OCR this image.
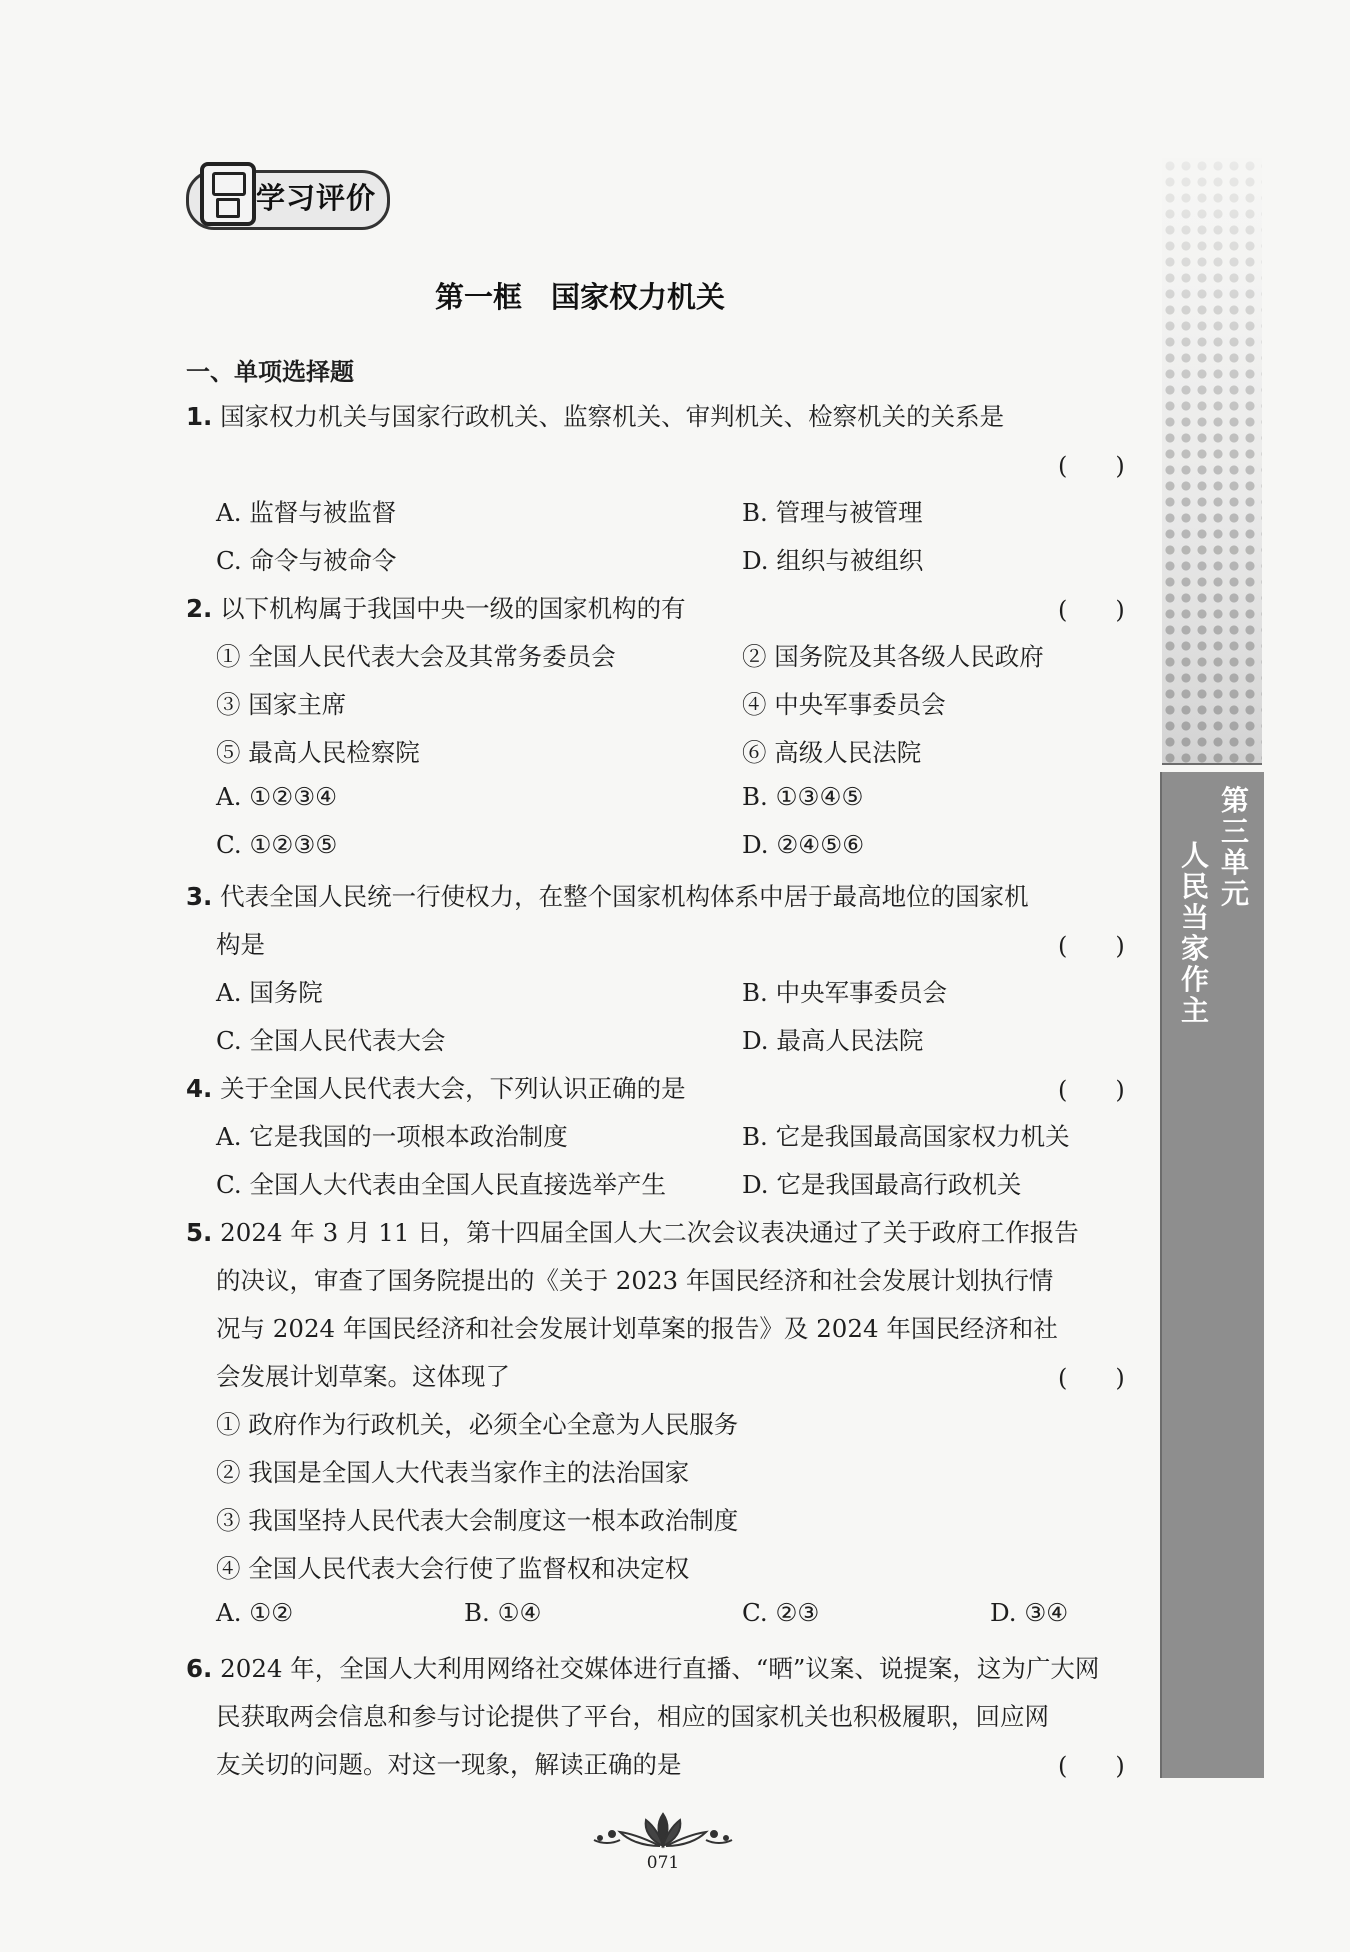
第三单元
人民当家作主
学习评价
第一框　国家权力机关
一、单项选择题
1. 国家权力机关与国家行政机关、监察机关、审判机关、检察机关的关系是
(　　)
A. 监督与被监督	B. 管理与被管理
C. 命令与被命令	D. 组织与被组织
2. 以下机构属于我国中央一级的国家机构的有	(　　)
① 全国人民代表大会及其常务委员会	② 国务院及其各级人民政府
③ 国家主席	④ 中央军事委员会
⑤ 最高人民检察院	⑥ 高级人民法院
A. ①②③④	B. ①③④⑤
C. ①②③⑤	D. ②④⑤⑥
3. 代表全国人民统一行使权力，在整个国家机构体系中居于最高地位的国家机
构是	(　　)
A. 国务院	B. 中央军事委员会
C. 全国人民代表大会	D. 最高人民法院
4. 关于全国人民代表大会，下列认识正确的是	(　　)
A. 它是我国的一项根本政治制度	B. 它是我国最高国家权力机关
C. 全国人大代表由全国人民直接选举产生	D. 它是我国最高行政机关
5. 2024 年 3 月 11 日，第十四届全国人大二次会议表决通过了关于政府工作报告
的决议，审查了国务院提出的《关于 2023 年国民经济和社会发展计划执行情
况与 2024 年国民经济和社会发展计划草案的报告》及 2024 年国民经济和社
会发展计划草案。这体现了	(　　)
① 政府作为行政机关，必须全心全意为人民服务
② 我国是全国人大代表当家作主的法治国家
③ 我国坚持人民代表大会制度这一根本政治制度
④ 全国人民代表大会行使了监督权和决定权
A. ①②	B. ①④	C. ②③	D. ③④
6. 2024 年，全国人大利用网络社交媒体进行直播、“晒”议案、说提案，这为广大网
民获取两会信息和参与讨论提供了平台，相应的国家机关也积极履职，回应网
友关切的问题。对这一现象，解读正确的是	(　　)
071
